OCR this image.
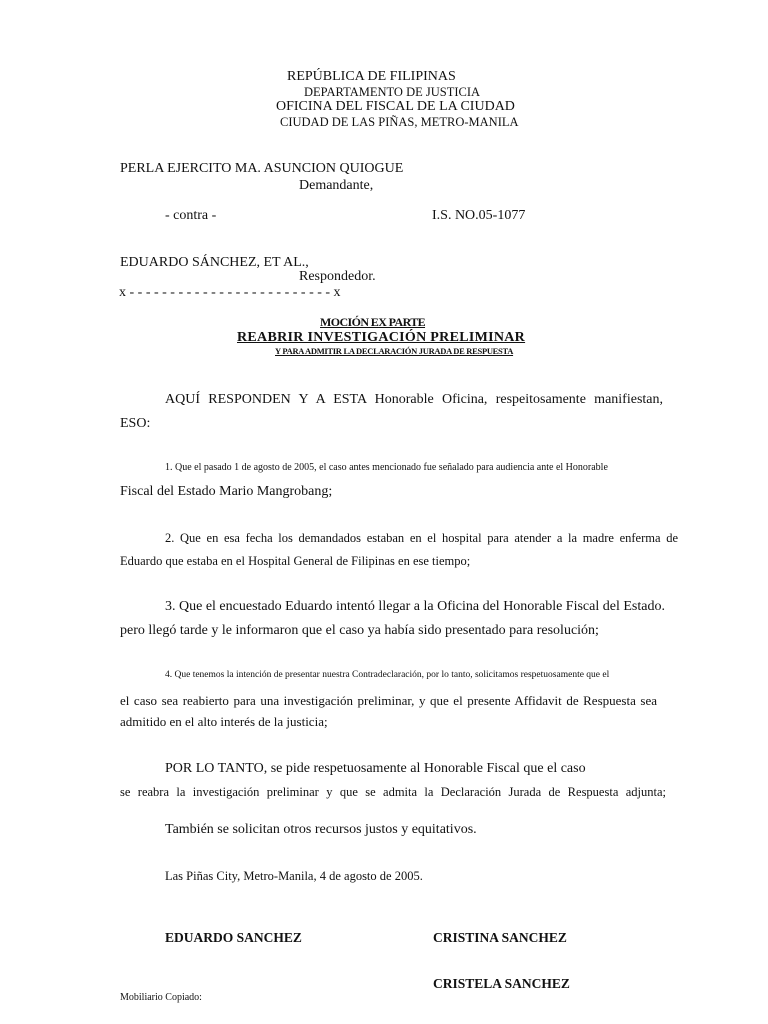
REPÚBLICA DE FILIPINAS
DEPARTAMENTO DE JUSTICIA
OFICINA DEL FISCAL DE LA CIUDAD
CIUDAD DE LAS PIÑAS, METRO-MANILA
PERLA EJERCITO MA. ASUNCION QUIOGUE
Demandante,
- contra -	I.S. NO.05-1077
EDUARDO SÁNCHEZ, ET AL.,
Respondedor.
x - - - - - - - - - - - - - - - - - - - - - - - - - x
MOCIÓN EX PARTE
REABRIR INVESTIGACIÓN PRELIMINAR
Y PARA ADMITIR LA DECLARACIÓN JURADA DE RESPUESTA
AQUÍ RESPONDEN Y A ESTA Honorable Oficina, respeitosamente manifiestan,
ESO:
1. Que el pasado 1 de agosto de 2005, el caso antes mencionado fue señalado para audiencia ante el Honorable
Fiscal del Estado Mario Mangrobang;
2. Que en esa fecha los demandados estaban en el hospital para atender a la madre enferma de
Eduardo que estaba en el Hospital General de Filipinas en ese tiempo;
3. Que el encuestado Eduardo intentó llegar a la Oficina del Honorable Fiscal del Estado.
pero llegó tarde y le informaron que el caso ya había sido presentado para resolución;
4. Que tenemos la intención de presentar nuestra Contradeclaración, por lo tanto, solicitamos respetuosamente que el
el caso sea reabierto para una investigación preliminar, y que el presente Affidavit de Respuesta sea
admitido en el alto interés de la justicia;
POR LO TANTO, se pide respetuosamente al Honorable Fiscal que el caso
se reabra la investigación preliminar y que se admita la Declaración Jurada de Respuesta adjunta;
También se solicitan otros recursos justos y equitativos.
Las Piñas City, Metro-Manila, 4 de agosto de 2005.
EDUARDO SANCHEZ	CRISTINA SANCHEZ
CRISTELA SANCHEZ
Mobiliario Copiado:
